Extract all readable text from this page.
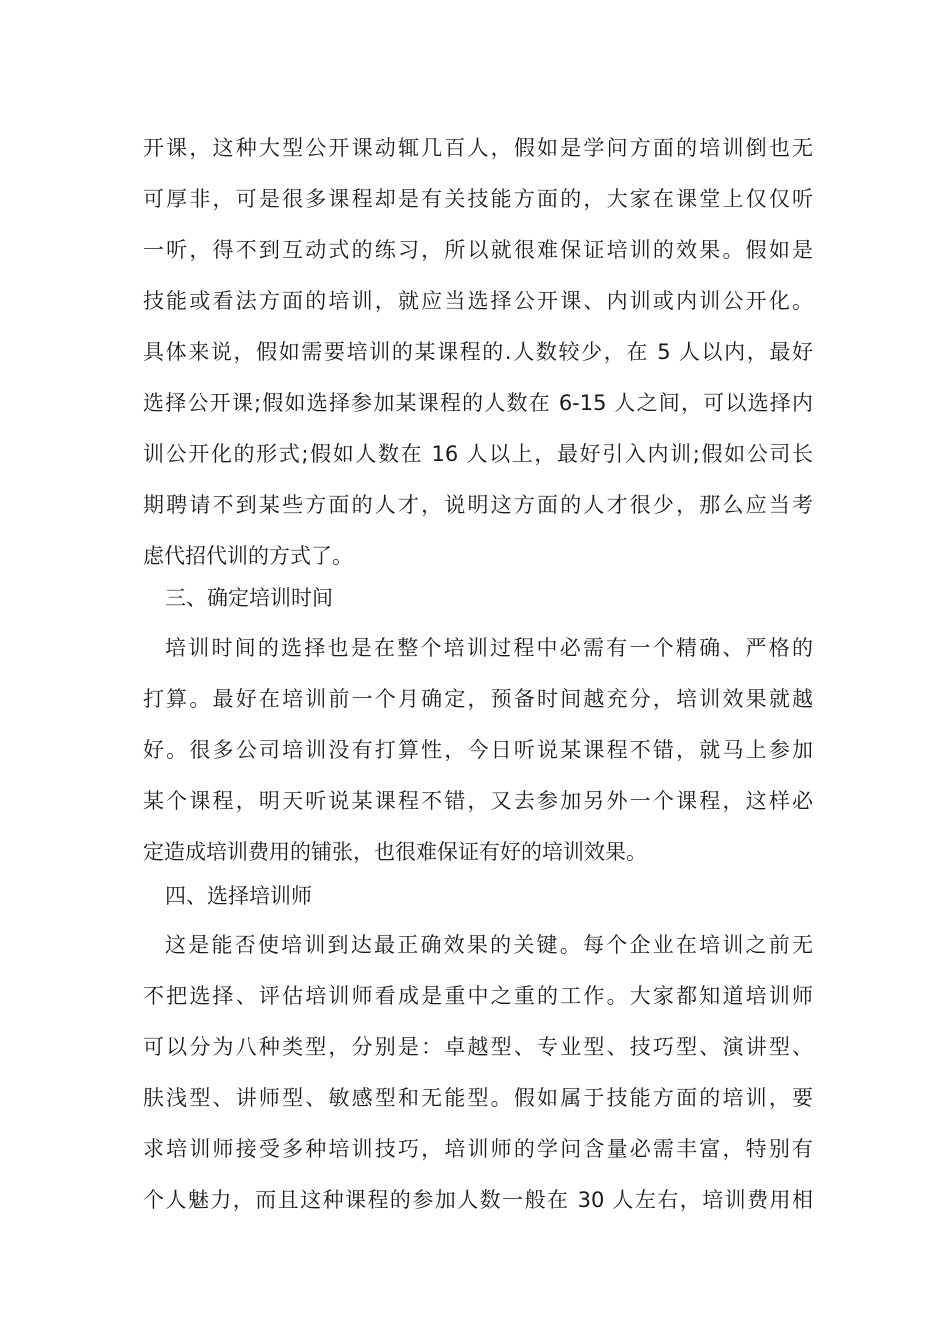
开课，这种大型公开课动辄几百人，假如是学问方面的培训倒也无
可厚非，可是很多课程却是有关技能方面的，大家在课堂上仅仅听
一听，得不到互动式的练习，所以就很难保证培训的效果。假如是
技能或看法方面的培训，就应当选择公开课、内训或内训公开化。
具体来说，假如需要培训的某课程的.人数较少，在 5 人以内，最好
选择公开课;假如选择参加某课程的人数在 6-15 人之间，可以选择内
训公开化的形式;假如人数在 16 人以上，最好引入内训;假如公司长
期聘请不到某些方面的人才，说明这方面的人才很少，那么应当考
虑代招代训的方式了。
三、确定培训时间
培训时间的选择也是在整个培训过程中必需有一个精确、严格的
打算。最好在培训前一个月确定，预备时间越充分，培训效果就越
好。很多公司培训没有打算性，今日听说某课程不错，就马上参加
某个课程，明天听说某课程不错，又去参加另外一个课程，这样必
定造成培训费用的铺张，也很难保证有好的培训效果。
四、选择培训师
这是能否使培训到达最正确效果的关键。每个企业在培训之前无
不把选择、评估培训师看成是重中之重的工作。大家都知道培训师
可以分为八种类型，分别是：卓越型、专业型、技巧型、演讲型、
肤浅型、讲师型、敏感型和无能型。假如属于技能方面的培训，要
求培训师接受多种培训技巧，培训师的学问含量必需丰富，特别有
个人魅力，而且这种课程的参加人数一般在 30 人左右，培训费用相
